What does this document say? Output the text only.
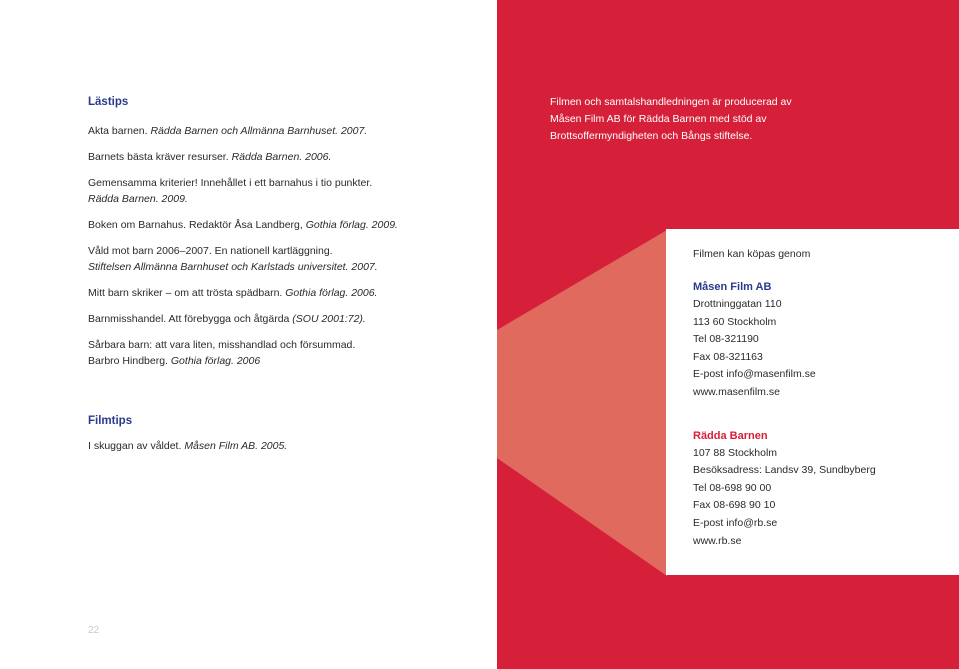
Lästips
Akta barnen. Rädda Barnen och Allmänna Barnhuset. 2007.
Barnets bästa kräver resurser. Rädda Barnen. 2006.
Gemensamma kriterier! Innehållet i ett barnahus i tio punkter.
Rädda Barnen. 2009.
Boken om Barnahus. Redaktör Åsa Landberg, Gothia förlag. 2009.
Våld mot barn 2006–2007. En nationell kartläggning.
Stiftelsen Allmänna Barnhuset och Karlstads universitet. 2007.
Mitt barn skriker – om att trösta spädbarn. Gothia förlag. 2006.
Barnmisshandel. Att förebygga och åtgärda (SOU 2001:72).
Sårbara barn: att vara liten, misshandlad och försummad.
Barbro Hindberg. Gothia förlag. 2006
Filmtips
I skuggan av våldet. Måsen Film AB. 2005.
22
Filmen och samtalshandledningen är producerad av
Måsen Film AB för Rädda Barnen med stöd av
Brottsoffermyndigheten och Bångs stiftelse.
Filmen kan köpas genom
Måsen Film AB
Drottninggatan 110
113 60 Stockholm
Tel 08-321190
Fax 08-321163
E-post info@masenfilm.se
www.masenfilm.se
Rädda Barnen
107 88 Stockholm
Besöksadress: Landsv 39, Sundbyberg
Tel 08-698 90 00
Fax 08-698 90 10
E-post info@rb.se
www.rb.se
